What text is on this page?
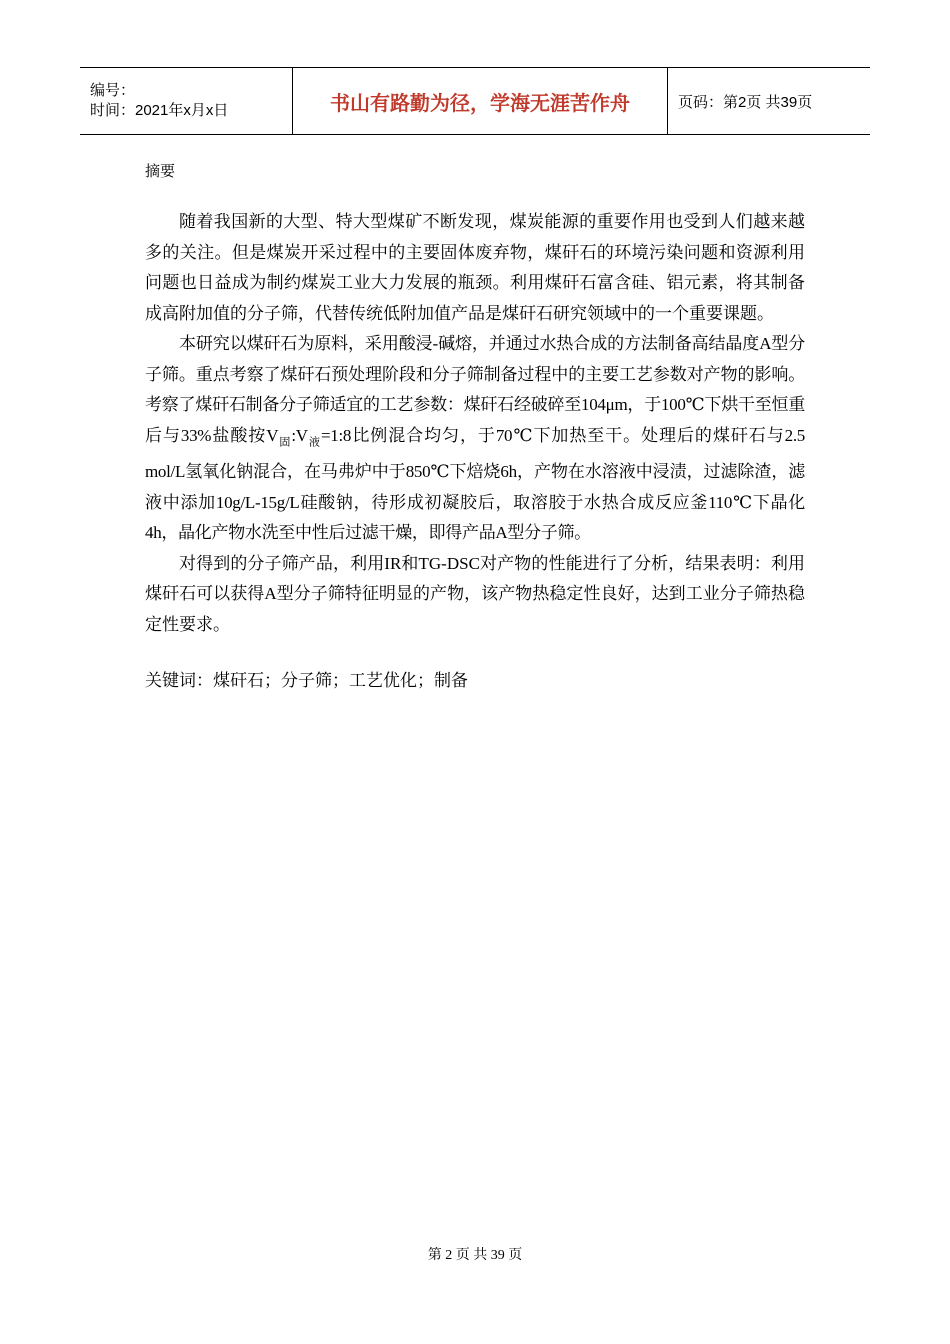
编号：
时间：2021年x月x日	书山有路勤为径，学海无涯苦作舟	页码：第2页 共39页
摘要

随着我国新的大型、特大型煤矿不断发现，煤炭能源的重要作用也受到人们越来越多的关注。但是煤炭开采过程中的主要固体废弃物，煤矸石的环境污染问题和资源利用问题也日益成为制约煤炭工业大力发展的瓶颈。利用煤矸石富含硅、铝元素，将其制备成高附加值的分子筛，代替传统低附加值产品是煤矸石研究领域中的一个重要课题。

本研究以煤矸石为原料，采用酸浸-碱熔，并通过水热合成的方法制备高结晶度A型分子筛。重点考察了煤矸石预处理阶段和分子筛制备过程中的主要工艺参数对产物的影响。考察了煤矸石制备分子筛适宜的工艺参数：煤矸石经破碎至104μm，于100℃下烘干至恒重后与33%盐酸按$V_固:V_液=1:8$比例混合均匀，于70℃下加热至干。处理后的煤矸石与2.5 mol/L氢氧化钠混合，在马弗炉中于850℃下焙烧6h，产物在水溶液中浸渍，过滤除渣，滤液中添加10g/L-15g/L硅酸钠，待形成初凝胶后，取溶胶于水热合成反应釜110℃下晶化4h，晶化产物水洗至中性后过滤干燥，即得产品A型分子筛。

对得到的分子筛产品，利用IR和TG-DSC对产物的性能进行了分析，结果表明：利用煤矸石可以获得A型分子筛特征明显的产物，该产物热稳定性良好，达到工业分子筛热稳定性要求。

关键词：煤矸石；分子筛；工艺优化；制备
第 2 页 共 39 页
